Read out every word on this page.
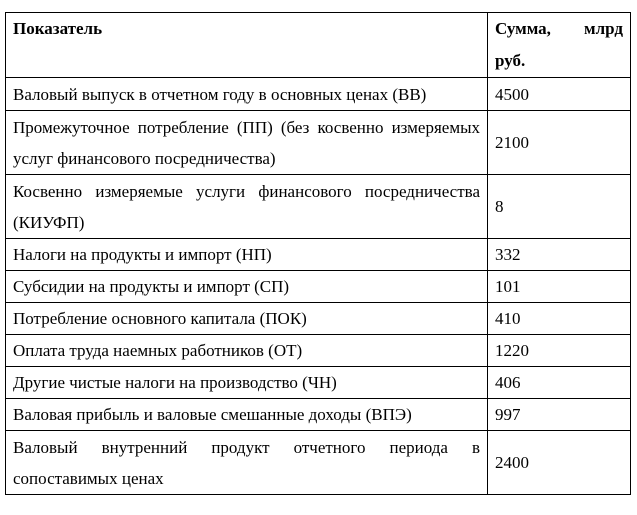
Показатель	Сумма, млрд руб.
Валовый выпуск в отчетном году в основных ценах (ВВ)	4500
Промежуточное потребление (ПП) (без косвенно измеряемых услуг финансового посредничества)	2100
Косвенно измеряемые услуги финансового посредничества (КИУФП)	8
Налоги на продукты и импорт (НП)	332
Субсидии на продукты и импорт (СП)	101
Потребление основного капитала (ПОК)	410
Оплата труда наемных работников (ОТ)	1220
Другие чистые налоги на производство (ЧН)	406
Валовая прибыль и валовые смешанные доходы (ВПЭ)	997
Валовый внутренний продукт отчетного периода в сопоставимых ценах	2400
